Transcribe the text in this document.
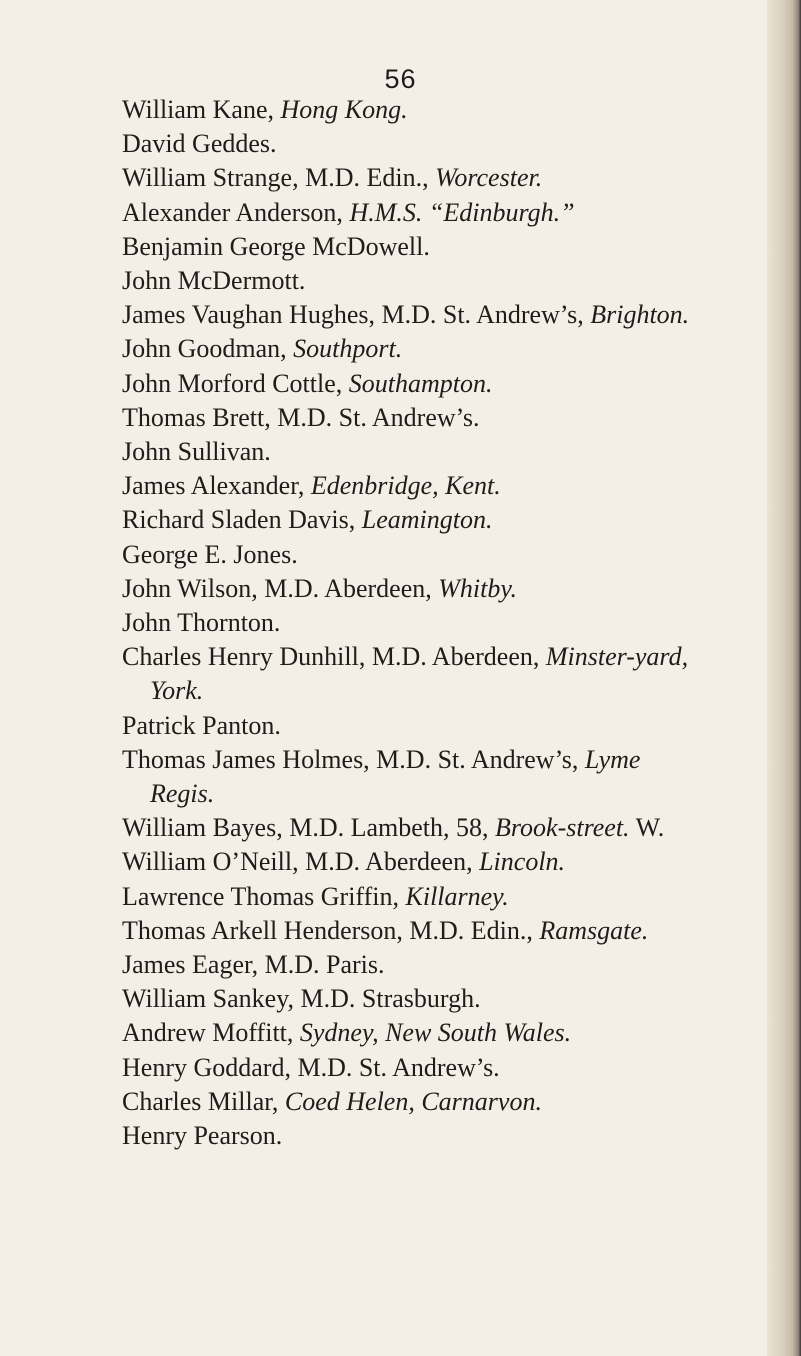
56
William Kane, Hong Kong.
David Geddes.
William Strange, M.D. Edin., Worcester.
Alexander Anderson, H.M.S. “Edinburgh.”
Benjamin George McDowell.
John McDermott.
James Vaughan Hughes, M.D. St. Andrew’s, Brighton.
John Goodman, Southport.
John Morford Cottle, Southampton.
Thomas Brett, M.D. St. Andrew’s.
John Sullivan.
James Alexander, Edenbridge, Kent.
Richard Sladen Davis, Leamington.
George E. Jones.
John Wilson, M.D. Aberdeen, Whitby.
John Thornton.
Charles Henry Dunhill, M.D. Aberdeen, Minster-yard,
York.
Patrick Panton.
Thomas James Holmes, M.D. St. Andrew’s, Lyme
Regis.
William Bayes, M.D. Lambeth, 58, Brook-street. W.
William O’Neill, M.D. Aberdeen, Lincoln.
Lawrence Thomas Griffin, Killarney.
Thomas Arkell Henderson, M.D. Edin., Ramsgate.
James Eager, M.D. Paris.
William Sankey, M.D. Strasburgh.
Andrew Moffitt, Sydney, New South Wales.
Henry Goddard, M.D. St. Andrew’s.
Charles Millar, Coed Helen, Carnarvon.
Henry Pearson.
